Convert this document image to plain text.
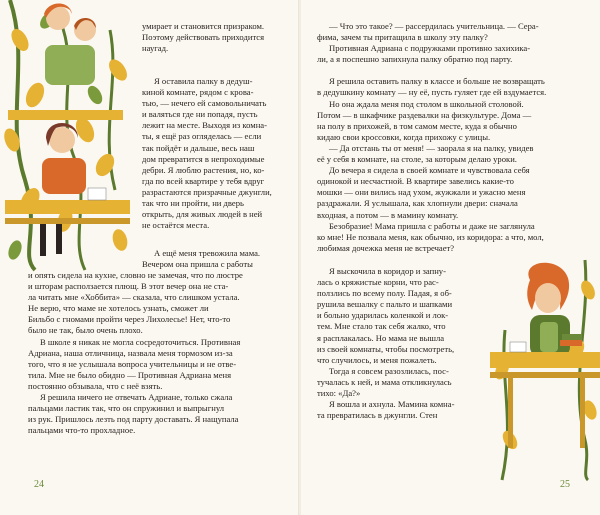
умирает и становится призраком.

Поэтому действовать приходится

наугад.

Я оставила палку в дедуш-

киной комнате, рядом с крова-

тью, — нечего ей самовольничать

и валяться где ни попадя, пусть

лежит на месте. Выходя из комна-

ты, я ещё раз огляделась — если

так пойдёт и дальше, весь наш

дом превратится в непроходимые

дебри. Я люблю растения, но, ко-

гда по всей квартире у тебя вдруг

разрастаются призрачные джунгли,

так что ни пройти, ни дверь

открыть, для живых людей в ней

не остаётся места.

А ещё меня тревожила мама.

Вечером она пришла с работы

и опять сидела на кухне, словно не замечая, что по люстре

и шторам расползается плющ. В этот вечер она не ста-

ла читать мне «Хоббита» — сказала, что слишком устала.

Не верю, что маме не хотелось узнать, сможет ли

Бильбо с гномами пройти через Лихолесье! Нет, что-то

было не так, было очень плохо.

В школе я никак не могла сосредоточиться. Противная

Адриана, наша отличница, назвала меня тормозом из-за

того, что я не услышала вопроса учительницы и не отве-

тила. Мне не было обидно — Противная Адриана меня

постоянно обзывала, что с неё взять.

Я решила ничего не отвечать Адриане, только сжала

пальцами ластик так, что он спружинил и выпрыгнул

из рук. Пришлось лезть под парту доставать. Я нащупала

пальцами что-то прохладное.

24

— Что это такое? — рассердилась учительница. — Сера-

фима, зачем ты притащила в школу эту палку?

Противная Адриана с подружками противно захихика-

ли, а я поспешно запихнула палку обратно под парту.

Я решила оставить палку в классе и больше не возвращать

в дедушкину комнату — ну её, пусть гуляет где ей вздумается.

Но она ждала меня под столом в школьной столовой.

Потом — в шкафчике раздевалки на физкультуре. Дома —

на полу в прихожей, в том самом месте, куда я обычно

кидаю свои кроссовки, когда прихожу с улицы.

— Да отстань ты от меня! — заорала я на палку, увидев

её у себя в комнате, на столе, за которым делаю уроки.

До вечера я сидела в своей комнате и чувствовала себя

одинокой и несчастной. В квартире завелись какие-то

мошки — они вились над ухом, жужжали и ужасно меня

раздражали. Я услышала, как хлопнули двери: сначала

входная, а потом — в мамину комнату.

Безобразие! Мама пришла с работы и даже не заглянула

ко мне! Не позвала меня, как обычно, из коридора: а что, мол,

любимая дочежка меня не встречает?

Я выскочила в коридор и запну-

лась о кряжистые корни, что рас-

ползлись по всему полу. Падая, я об-

рушила вешалку с пальто и шапками

и больно ударилась коленкой и лок-

тем. Мне стало так себя жалко, что

я расплакалась. Но мама не вышла

из своей комнаты, чтобы посмотреть,

что случилось, и меня пожалеть.

Тогда я совсем разозлилась, пос-

тучалась к ней, и мама откликнулась

тихо: «Да?»

Я вошла и ахнула. Мамина комна-

та превратилась в джунгли. Стен

25
